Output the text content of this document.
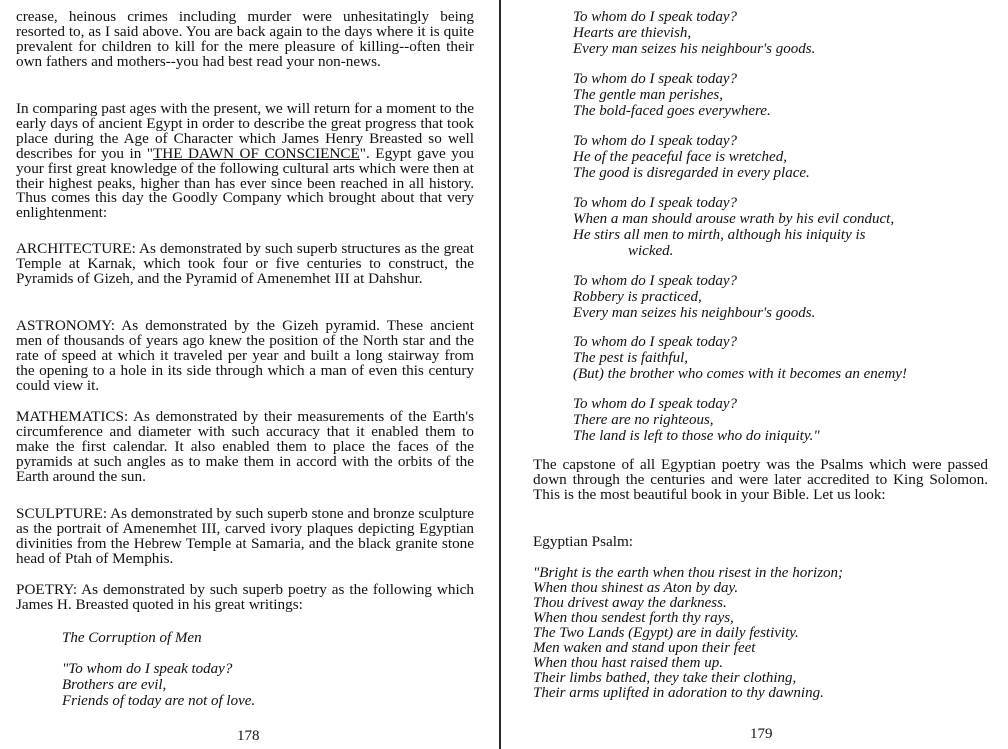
crease, heinous crimes including murder were unhesitatingly being resorted to, as I said above. You are back again to the days where it is quite prevalent for children to kill for the mere pleasure of killing--often their own fathers and mothers--you had best read your non-news.

In comparing past ages with the present, we will return for a moment to the early days of ancient Egypt in order to describe the great progress that took place during the Age of Character which James Henry Breasted so well describes for you in "THE DAWN OF CONSCIENCE". Egypt gave you your first great knowledge of the following cultural arts which were then at their highest peaks, higher than has ever since been reached in all history. Thus comes this day the Goodly Company which brought about that very enlightenment:

ARCHITECTURE: As demonstrated by such superb structures as the great Temple at Karnak, which took four or five centuries to construct, the Pyramids of Gizeh, and the Pyramid of Amenemhet III at Dahshur.

ASTRONOMY: As demonstrated by the Gizeh pyramid. These ancient men of thousands of years ago knew the position of the North star and the rate of speed at which it traveled per year and built a long stairway from the opening to a hole in its side through which a man of even this century could view it.

MATHEMATICS: As demonstrated by their measurements of the Earth's circumference and diameter with such accuracy that it enabled them to make the first calendar. It also enabled them to place the faces of the pyramids at such angles as to make them in accord with the orbits of the Earth around the sun.

SCULPTURE: As demonstrated by such superb stone and bronze sculpture as the portrait of Amenemhet III, carved ivory plaques depicting Egyptian divinities from the Hebrew Temple at Samaria, and the black granite stone head of Ptah of Memphis.

POETRY: As demonstrated by such superb poetry as the following which James H. Breasted quoted in his great writings:

The Corruption of Men
"To whom do I speak today?
Brothers are evil,
Friends of today are not of love.
178
To whom do I speak today?
Hearts are thievish,
Every man seizes his neighbour's goods.
To whom do I speak today?
The gentle man perishes,
The bold-faced goes everywhere.
To whom do I speak today?
He of the peaceful face is wretched,
The good is disregarded in every place.
To whom do I speak today?
When a man should arouse wrath by his evil conduct,
He stirs all men to mirth, although his iniquity is
wicked.
To whom do I speak today?
Robbery is practiced,
Every man seizes his neighbour's goods.
To whom do I speak today?
The pest is faithful,
(But) the brother who comes with it becomes an enemy!
To whom do I speak today?
There are no righteous,
The land is left to those who do iniquity."

The capstone of all Egyptian poetry was the Psalms which were passed down through the centuries and were later accredited to King Solomon. This is the most beautiful book in your Bible. Let us look:

Egyptian Psalm:

"Bright is the earth when thou risest in the horizon;
When thou shinest as Aton by day.
Thou drivest away the darkness.
When thou sendest forth thy rays,
The Two Lands (Egypt) are in daily festivity.
Men waken and stand upon their feet
When thou hast raised them up.
Their limbs bathed, they take their clothing,
Their arms uplifted in adoration to thy dawning.
179
